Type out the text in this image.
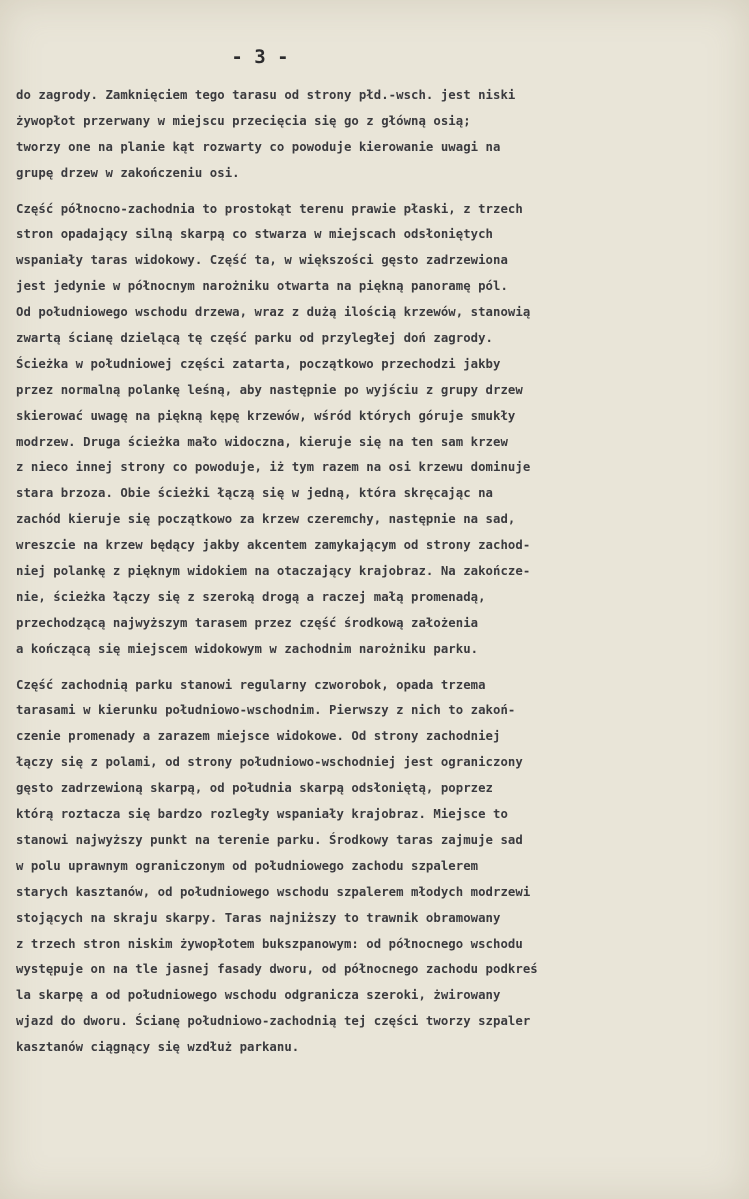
- 3 -
do zagrody. Zamknięciem tego tarasu od strony płd.-wsch. jest niski
żywopłot przerwany w miejscu przecięcia się go z główną osią;
tworzy one na planie kąt rozwarty co powoduje kierowanie uwagi na
grupę drzew w zakończeniu osi.
Część północno-zachodnia to prostokąt terenu prawie płaski, z trzech
stron opadający silną skarpą co stwarza w miejscach odsłoniętych
wspaniały taras widokowy. Część ta, w większości gęsto zadrzewiona
jest jedynie w północnym narożniku otwarta na piękną panoramę pól.
Od południowego wschodu drzewa, wraz z dużą ilością krzewów, stanowią
zwartą ścianę dzielącą tę część parku od przyległej doń zagrody.
Ścieżka w południowej części zatarta, początkowo przechodzi jakby
przez normalną polankę leśną, aby następnie po wyjściu z grupy drzew
skierować uwagę na piękną kępę krzewów, wśród których góruje smukły
modrzew. Druga ścieżka mało widoczna, kieruje się na ten sam krzew
z nieco innej strony co powoduje, iż tym razem na osi krzewu dominuje
stara brzoza. Obie ścieżki łączą się w jedną, która skręcając na
zachód kieruje się początkowo za krzew czeremchy, następnie na sad,
wreszcie na krzew będący jakby akcentem zamykającym od strony zachod-
niej polankę z pięknym widokiem na otaczający krajobraz. Na zakończe-
nie, ścieżka łączy się z szeroką drogą a raczej małą promenadą,
przechodzącą najwyższym tarasem przez część środkową założenia
a kończącą się miejscem widokowym w zachodnim narożniku parku.
Część zachodnią parku stanowi regularny czworobok, opada trzema
tarasami w kierunku południowo-wschodnim. Pierwszy z nich to zakoń-
czenie promenady a zarazem miejsce widokowe. Od strony zachodniej
łączy się z polami, od strony południowo-wschodniej jest ograniczony
gęsto zadrzewioną skarpą, od południa skarpą odsłoniętą, poprzez
którą roztacza się bardzo rozległy wspaniały krajobraz. Miejsce to
stanowi najwyższy punkt na terenie parku. Środkowy taras zajmuje sad
w polu uprawnym ograniczonym od południowego zachodu szpalerem
starych kasztanów, od południowego wschodu szpalerem młodych modrzewi
stojących na skraju skarpy. Taras najniższy to trawnik obramowany
z trzech stron niskim żywopłotem bukszpanowym: od północnego wschodu
występuje on na tle jasnej fasady dworu, od północnego zachodu podkreś
la skarpę a od południowego wschodu odgranicza szeroki, żwirowany
wjazd do dworu. Ścianę południowo-zachodnią tej części tworzy szpaler
kasztanów ciągnący się wzdłuż parkanu.
